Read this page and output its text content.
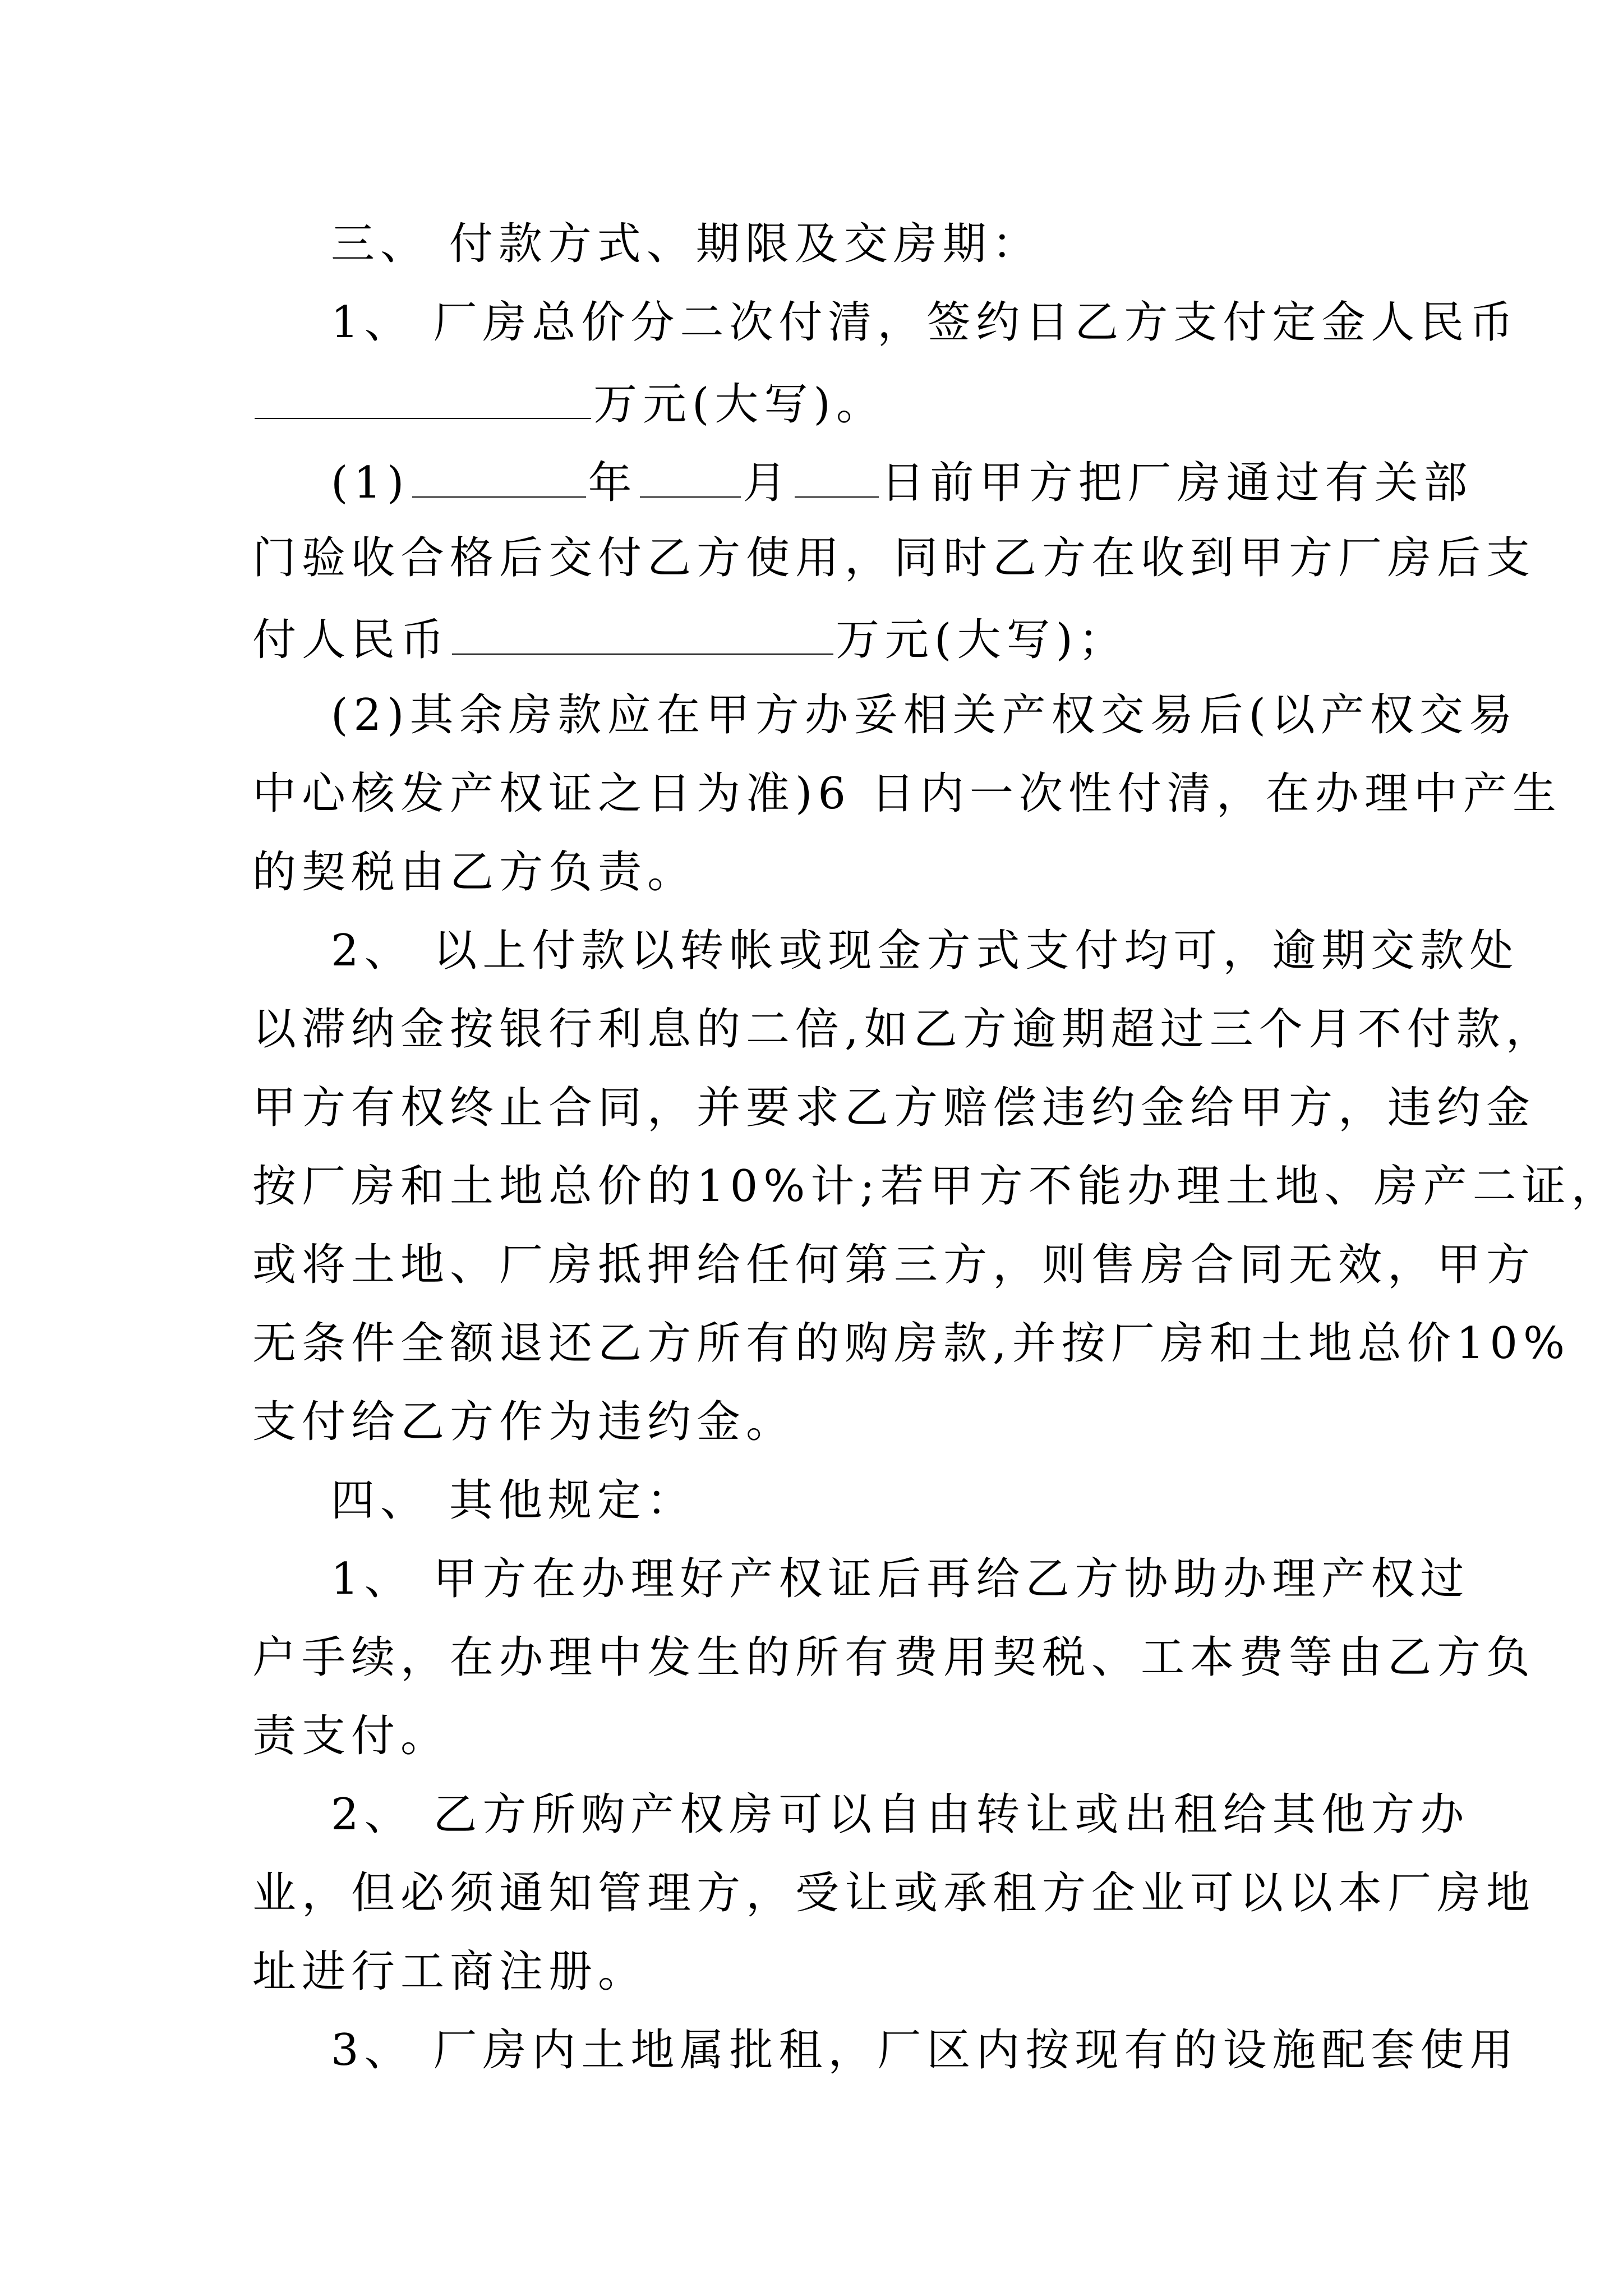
三、 付款方式、期限及交房期：
1、 厂房总价分二次付清，签约日乙方支付定金人民币
万元(大写)。
(1)	年 月 日前甲方把厂房通过有关部
门验收合格后交付乙方使用，同时乙方在收到甲方厂房后支
付人民币	万元(大写)；
(2)其余房款应在甲方办妥相关产权交易后(以产权交易
中心核发产权证之日为准)6 日内一次性付清，在办理中产生
的契税由乙方负责。
2、 以上付款以转帐或现金方式支付均可，逾期交款处
以滞纳金按银行利息的二倍,如乙方逾期超过三个月不付款，
甲方有权终止合同，并要求乙方赔偿违约金给甲方，违约金
按厂房和土地总价的10%计;若甲方不能办理土地、房产二证，
或将土地、厂房抵押给任何第三方，则售房合同无效，甲方
无条件全额退还乙方所有的购房款,并按厂房和土地总价10%
支付给乙方作为违约金。
四、 其他规定：
1、 甲方在办理好产权证后再给乙方协助办理产权过
户手续，在办理中发生的所有费用契税、工本费等由乙方负
责支付。
2、 乙方所购产权房可以自由转让或出租给其他方办
业，但必须通知管理方，受让或承租方企业可以以本厂房地
址进行工商注册。
3、 厂房内土地属批租，厂区内按现有的设施配套使用
